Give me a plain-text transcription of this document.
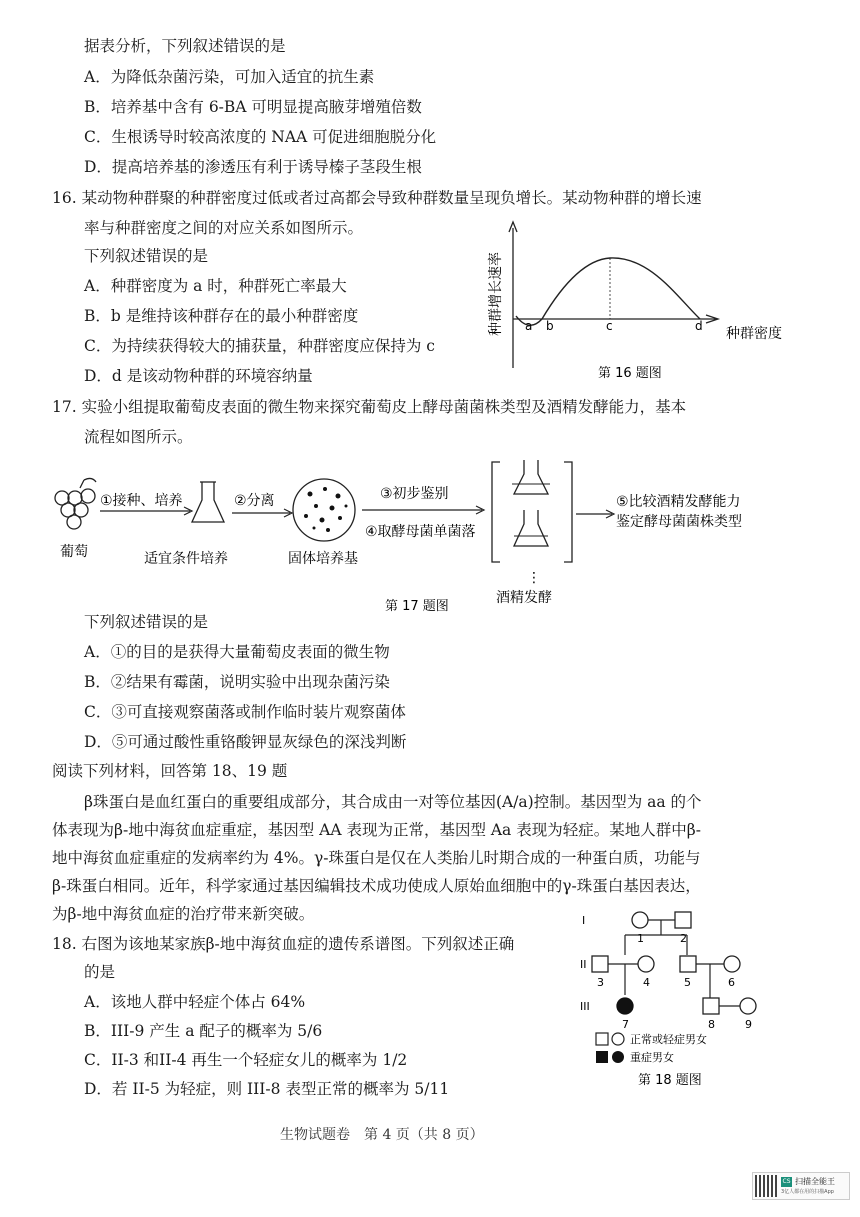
据表分析，下列叙述错误的是
A．为降低杂菌污染，可加入适宜的抗生素
B．培养基中含有 6-BA 可明显提高腋芽增殖倍数
C．生根诱导时较高浓度的 NAA 可促进细胞脱分化
D．提高培养基的渗透压有利于诱导榛子茎段生根
16. 某动物种群聚的种群密度过低或者过高都会导致种群数量呈现负增长。某动物种群的增长速
率与种群密度之间的对应关系如图所示。
下列叙述错误的是
A．种群密度为 a 时，种群死亡率最大
B．b 是维持该种群存在的最小种群密度
C．为持续获得较大的捕获量，种群密度应保持为 c
D．d 是该动物种群的环境容纳量
a b	c	d 种群密度
种群增长速率
第 16 题图
17. 实验小组提取葡萄皮表面的微生物来探究葡萄皮上酵母菌菌株类型及酒精发酵能力，基本
流程如图所示。
葡萄
①接种、培养
适宜条件培养
②分离
固体培养基
③初步鉴别
④取酵母菌单菌落
⋮
酒精发酵
⑤比较酒精发酵能力
鉴定酵母菌菌株类型
第 17 题图
下列叙述错误的是
A．①的目的是获得大量葡萄皮表面的微生物
B．②结果有霉菌，说明实验中出现杂菌污染
C．③可直接观察菌落或制作临时装片观察菌体
D．⑤可通过酸性重铬酸钾显灰绿色的深浅判断
阅读下列材料，回答第 18、19 题
β珠蛋白是血红蛋白的重要组成部分，其合成由一对等位基因(A/a)控制。基因型为 aa 的个
体表现为β-地中海贫血症重症，基因型 AA 表现为正常，基因型 Aa 表现为轻症。某地人群中β-
地中海贫血症重症的发病率约为 4%。γ-珠蛋白是仅在人类胎儿时期合成的一种蛋白质，功能与
β-珠蛋白相同。近年，科学家通过基因编辑技术成功使成人原始血细胞中的γ-珠蛋白基因表达，
为β-地中海贫血症的治疗带来新突破。
18. 右图为该地某家族β-地中海贫血症的遗传系谱图。下列叙述正确
的是
A．该地人群中轻症个体占 64%
B．III-9 产生 a 配子的概率为 5/6
C．II-3 和II-4 再生一个轻症女儿的概率为 1/2
D．若 II-5 为轻症，则 III-8 表型正常的概率为 5/11
I
II
III
1	2
3	4	5	6
7	8	9
正常或轻症男女
重症男女
第 18 题图
生物试题卷　第 4 页（共 8 页）
CS 扫描全能王
3亿人都在用的扫描App
